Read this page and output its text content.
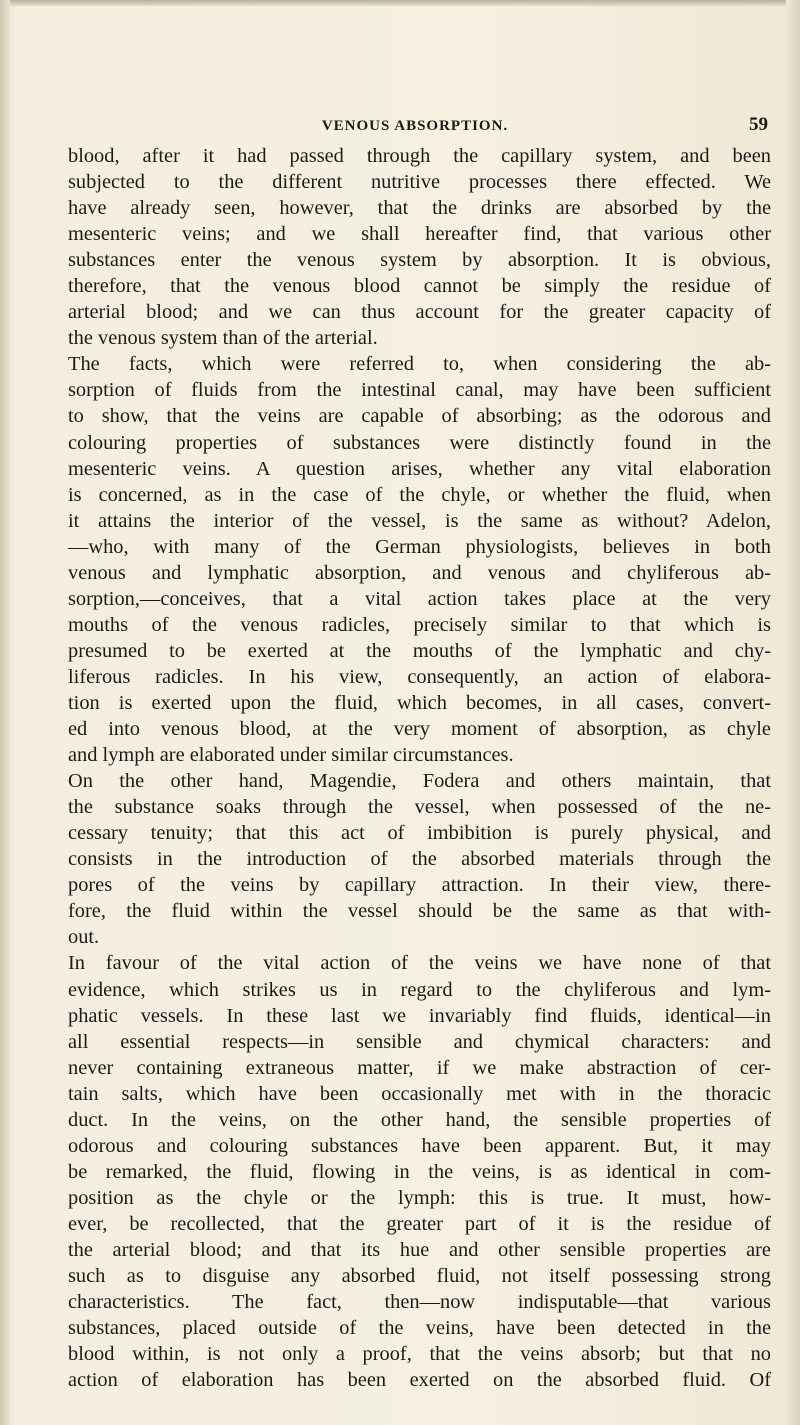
VENOUS ABSORPTION.	59
blood, after it had passed through the capillary system, and been
subjected to the different nutritive processes there effected. We
have already seen, however, that the drinks are absorbed by the
mesenteric veins; and we shall hereafter find, that various other
substances enter the venous system by absorption. It is obvious,
therefore, that the venous blood cannot be simply the residue of
arterial blood; and we can thus account for the greater capacity of
the venous system than of the arterial.
The facts, which were referred to, when considering the ab-
sorption of fluids from the intestinal canal, may have been sufficient
to show, that the veins are capable of absorbing; as the odorous and
colouring properties of substances were distinctly found in the
mesenteric veins. A question arises, whether any vital elaboration
is concerned, as in the case of the chyle, or whether the fluid, when
it attains the interior of the vessel, is the same as without? Adelon,
—who, with many of the German physiologists, believes in both
venous and lymphatic absorption, and venous and chyliferous ab-
sorption,—conceives, that a vital action takes place at the very
mouths of the venous radicles, precisely similar to that which is
presumed to be exerted at the mouths of the lymphatic and chy-
liferous radicles. In his view, consequently, an action of elabora-
tion is exerted upon the fluid, which becomes, in all cases, convert-
ed into venous blood, at the very moment of absorption, as chyle
and lymph are elaborated under similar circumstances.
On the other hand, Magendie, Fodera and others maintain, that
the substance soaks through the vessel, when possessed of the ne-
cessary tenuity; that this act of imbibition is purely physical, and
consists in the introduction of the absorbed materials through the
pores of the veins by capillary attraction. In their view, there-
fore, the fluid within the vessel should be the same as that with-
out.
In favour of the vital action of the veins we have none of that
evidence, which strikes us in regard to the chyliferous and lym-
phatic vessels. In these last we invariably find fluids, identical—in
all essential respects—in sensible and chymical characters: and
never containing extraneous matter, if we make abstraction of cer-
tain salts, which have been occasionally met with in the thoracic
duct. In the veins, on the other hand, the sensible properties of
odorous and colouring substances have been apparent. But, it may
be remarked, the fluid, flowing in the veins, is as identical in com-
position as the chyle or the lymph: this is true. It must, how-
ever, be recollected, that the greater part of it is the residue of
the arterial blood; and that its hue and other sensible properties are
such as to disguise any absorbed fluid, not itself possessing strong
characteristics. The fact, then—now indisputable—that various
substances, placed outside of the veins, have been detected in the
blood within, is not only a proof, that the veins absorb; but that no
action of elaboration has been exerted on the absorbed fluid. Of
